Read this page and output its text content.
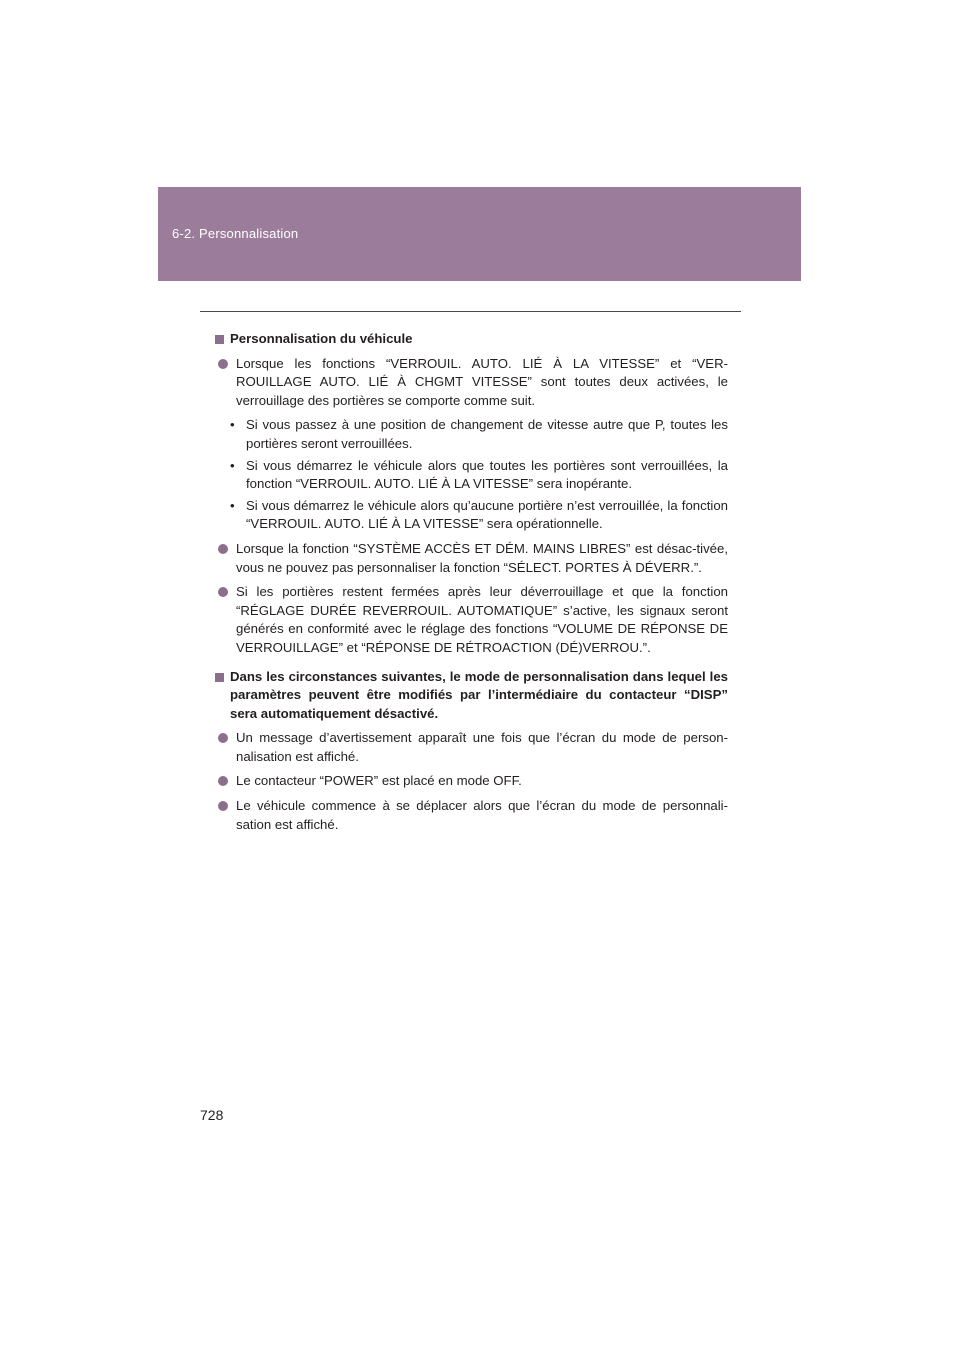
6-2. Personnalisation
Personnalisation du véhicule
Lorsque les fonctions “VERROUIL. AUTO. LIÉ À LA VITESSE” et “VER-ROUILLAGE AUTO. LIÉ À CHGMT VITESSE” sont toutes deux activées, le verrouillage des portières se comporte comme suit.
• Si vous passez à une position de changement de vitesse autre que P, toutes les portières seront verrouillées.
• Si vous démarrez le véhicule alors que toutes les portières sont verrouillées, la fonction “VERROUIL. AUTO. LIÉ À LA VITESSE” sera inopérante.
• Si vous démarrez le véhicule alors qu’aucune portière n’est verrouillée, la fonction “VERROUIL. AUTO. LIÉ À LA VITESSE” sera opérationnelle.
Lorsque la fonction “SYSTÈME ACCÈS ET DÉM. MAINS LIBRES” est désac-tivée, vous ne pouvez pas personnaliser la fonction “SÉLECT. PORTES À DÉVERR.”.
Si les portières restent fermées après leur déverrouillage et que la fonction “RÉGLAGE DURÉE REVERROUIL. AUTOMATIQUE” s’active, les signaux seront générés en conformité avec le réglage des fonctions “VOLUME DE RÉPONSE DE VERROUILLAGE” et “RÉPONSE DE RÉTROACTION (DÉ)VERROU.”.
Dans les circonstances suivantes, le mode de personnalisation dans lequel les paramètres peuvent être modifiés par l’intermédiaire du contacteur “DISP” sera automatiquement désactivé.
Un message d’avertissement apparaît une fois que l’écran du mode de person-nalisation est affiché.
Le contacteur “POWER” est placé en mode OFF.
Le véhicule commence à se déplacer alors que l’écran du mode de personnali-sation est affiché.
728
